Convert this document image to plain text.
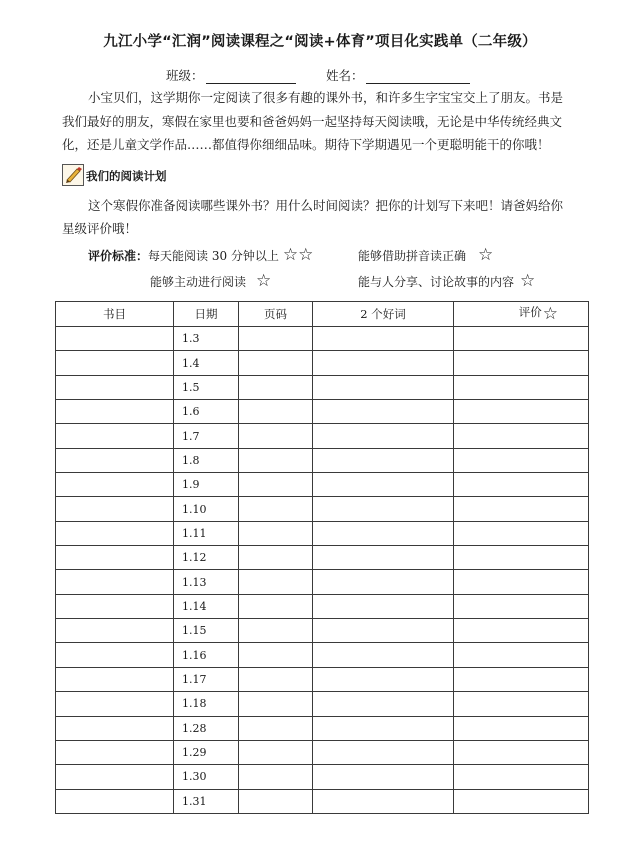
九江小学“汇润”阅读课程之“阅读+体育”项目化实践单（二年级）
班级：	姓名：
小宝贝们，这学期你一定阅读了很多有趣的课外书，和许多生字宝宝交上了朋友。书是
我们最好的朋友，寒假在家里也要和爸爸妈妈一起坚持每天阅读哦，无论是中华传统经典文
化，还是儿童文学作品……都值得你细细品味。期待下学期遇见一个更聪明能干的你哦！
我们的阅读计划
这个寒假你准备阅读哪些课外书？用什么时间阅读？把你的计划写下来吧！请爸妈给你
星级评价哦！
评价标准： 每天能阅读 30 分钟以上 ☆☆	能够借助拼音读正确 ☆
能够主动进行阅读 ☆	能与人分享、讨论故事的内容 ☆
书目	日期	页码	2 个好词	评价☆
	1.3			
	1.4			
	1.5			
	1.6			
	1.7			
	1.8			
	1.9			
	1.10			
	1.11			
	1.12			
	1.13			
	1.14			
	1.15			
	1.16			
	1.17			
	1.18			
	1.28			
	1.29			
	1.30			
	1.31			
